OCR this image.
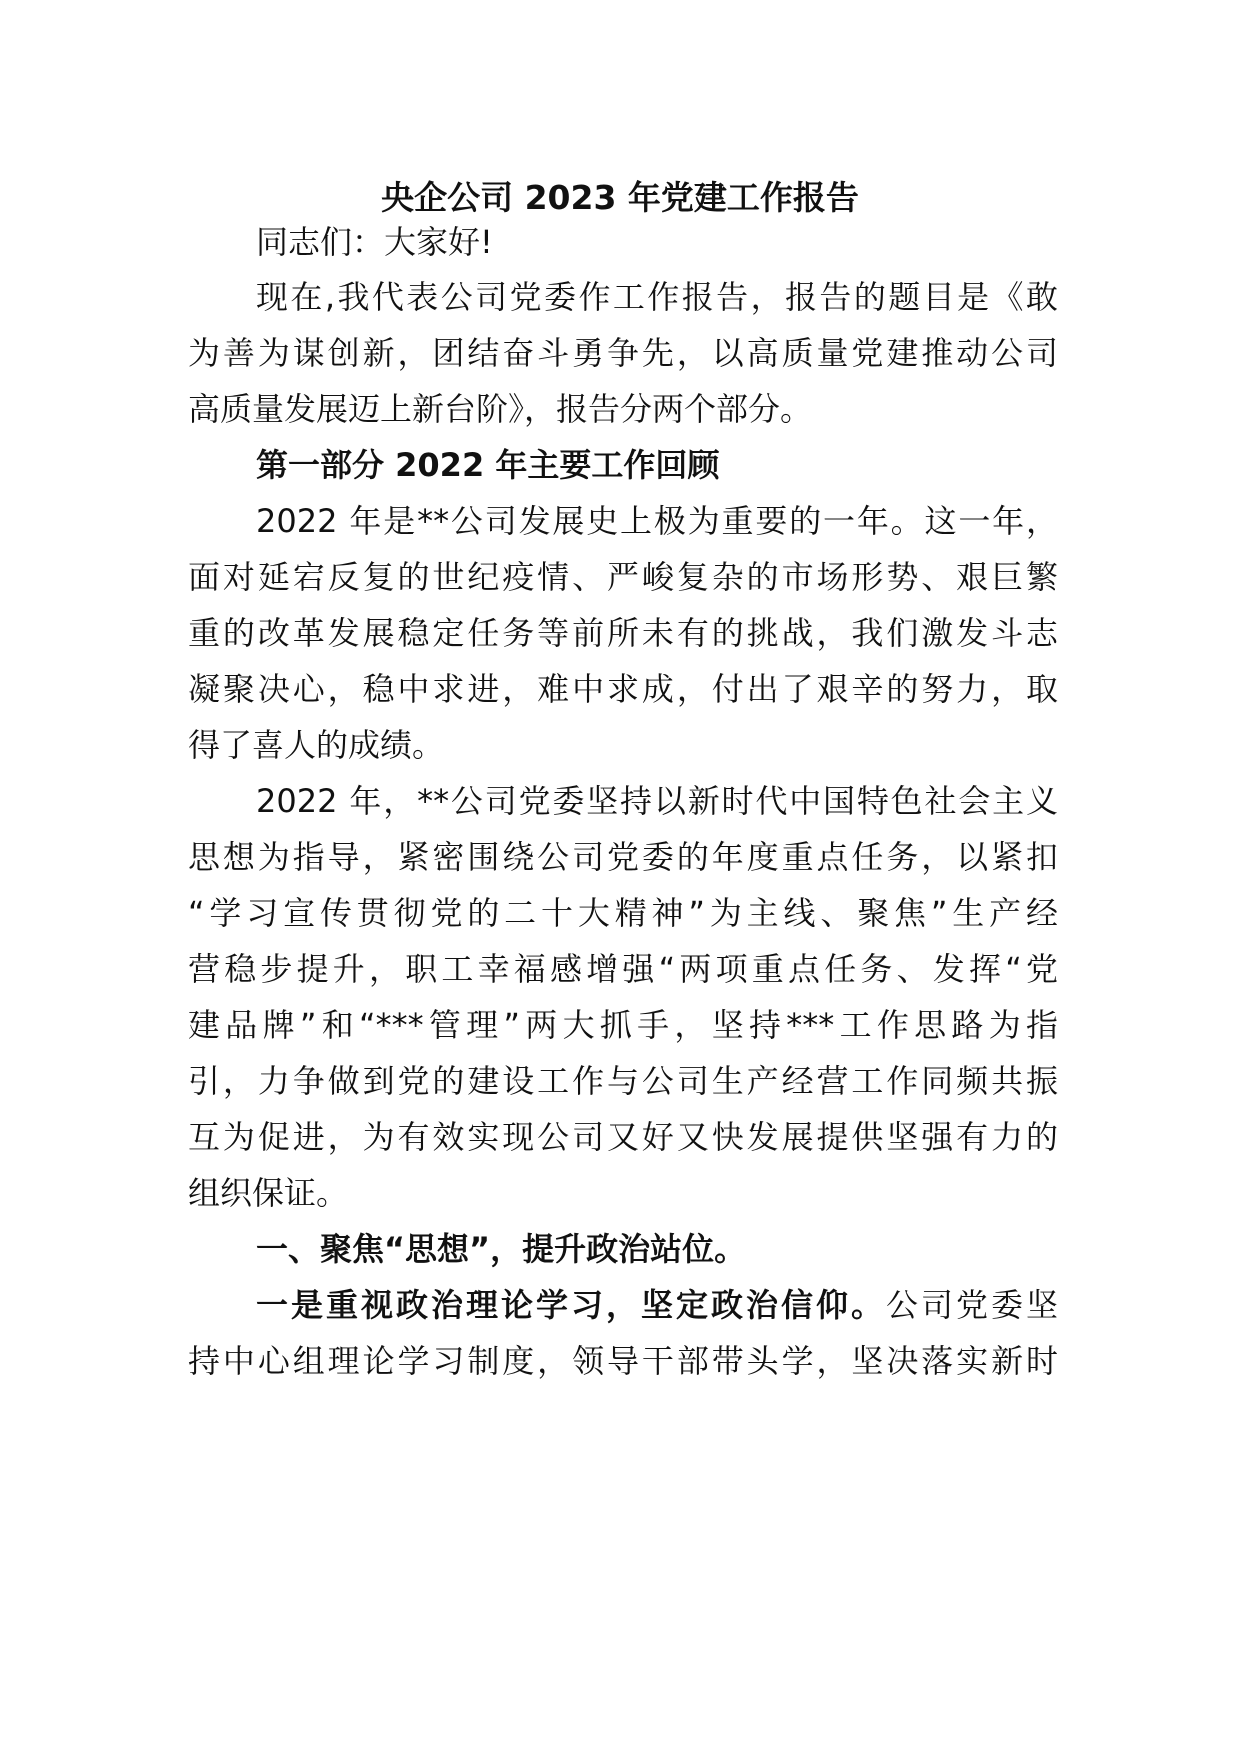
央企公司 2023 年党建工作报告
同志们：大家好!
现在,我代表公司党委作工作报告，报告的题目是《敢
为善为谋创新，团结奋斗勇争先，以高质量党建推动公司
高质量发展迈上新台阶》，报告分两个部分。
第一部分 2022 年主要工作回顾
2022 年是**公司发展史上极为重要的一年。这一年，
面对延宕反复的世纪疫情、严峻复杂的市场形势、艰巨繁
重的改革发展稳定任务等前所未有的挑战，我们激发斗志
凝聚决心，稳中求进，难中求成，付出了艰辛的努力，取
得了喜人的成绩。
2022 年，**公司党委坚持以新时代中国特色社会主义
思想为指导，紧密围绕公司党委的年度重点任务，以紧扣
“学习宣传贯彻党的二十大精神”为主线、聚焦”生产经
营稳步提升，职工幸福感增强“两项重点任务、发挥“党
建品牌”和“***管理”两大抓手，坚持***工作思路为指
引，力争做到党的建设工作与公司生产经营工作同频共振
互为促进，为有效实现公司又好又快发展提供坚强有力的
组织保证。
一、聚焦“思想”，提升政治站位。
一是重视政治理论学习，坚定政治信仰。公司党委坚
持中心组理论学习制度，领导干部带头学，坚决落实新时
